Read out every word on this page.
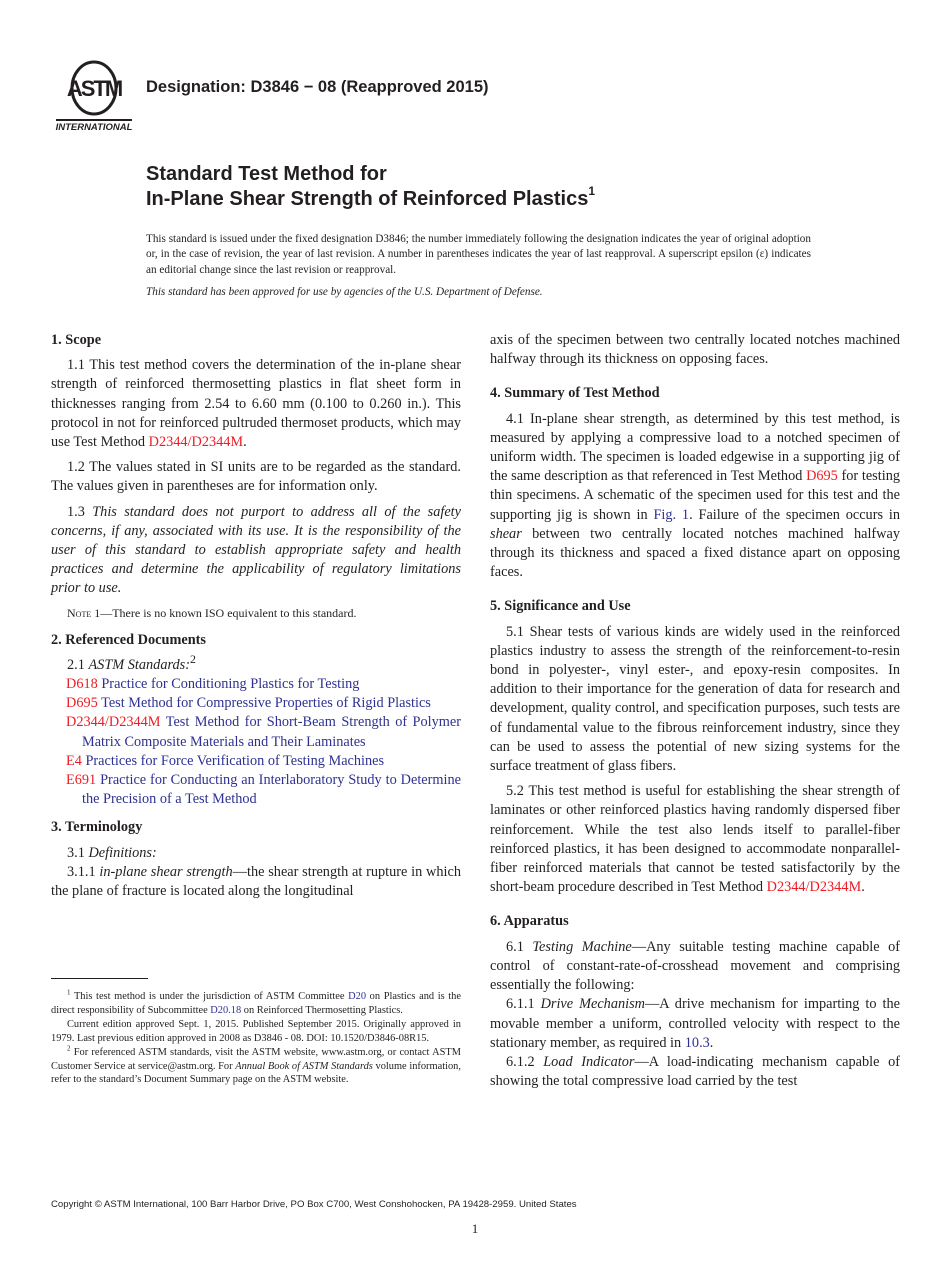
ASTM
INTERNATIONAL
Designation: D3846 − 08 (Reapproved 2015)
Standard Test Method for
In-Plane Shear Strength of Reinforced Plastics$^1$
This standard is issued under the fixed designation D3846; the number immediately following the designation indicates the year of original adoption or, in the case of revision, the year of last revision. A number in parentheses indicates the year of last reapproval. A superscript epsilon (ε) indicates an editorial change since the last revision or reapproval.
This standard has been approved for use by agencies of the U.S. Department of Defense.

1. Scope

1.1 This test method covers the determination of the in-plane shear strength of reinforced thermosetting plastics in flat sheet form in thicknesses ranging from 2.54 to 6.60 mm (0.100 to 0.260 in.). This protocol in not for reinforced pultruded thermoset products, which may use Test Method D2344/D2344M.

1.2 The values stated in SI units are to be regarded as the standard. The values given in parentheses are for information only.

1.3 This standard does not purport to address all of the safety concerns, if any, associated with its use. It is the responsibility of the user of this standard to establish appropriate safety and health practices and determine the applicability of regulatory limitations prior to use.

Note 1—There is no known ISO equivalent to this standard.

2. Referenced Documents

2.1 ASTM Standards:$^2$

D618 Practice for Conditioning Plastics for Testing

D695 Test Method for Compressive Properties of Rigid Plastics

D2344/D2344M Test Method for Short-Beam Strength of Polymer Matrix Composite Materials and Their Laminates

E4 Practices for Force Verification of Testing Machines

E691 Practice for Conducting an Interlaboratory Study to Determine the Precision of a Test Method

3. Terminology

3.1 Definitions:

3.1.1 in-plane shear strength—the shear strength at rupture in which the plane of fracture is located along the longitudinal

$^1$ This test method is under the jurisdiction of ASTM Committee D20 on Plastics and is the direct responsibility of Subcommittee D20.18 on Reinforced Thermosetting Plastics.

Current edition approved Sept. 1, 2015. Published September 2015. Originally approved in 1979. Last previous edition approved in 2008 as D3846 - 08. DOI: 10.1520/D3846-08R15.

$^2$ For referenced ASTM standards, visit the ASTM website, www.astm.org, or contact ASTM Customer Service at service@astm.org. For Annual Book of ASTM Standards volume information, refer to the standard’s Document Summary page on the ASTM website.

axis of the specimen between two centrally located notches machined halfway through its thickness on opposing faces.

4. Summary of Test Method

4.1 In-plane shear strength, as determined by this test method, is measured by applying a compressive load to a notched specimen of uniform width. The specimen is loaded edgewise in a supporting jig of the same description as that referenced in Test Method D695 for testing thin specimens. A schematic of the specimen used for this test and the supporting jig is shown in Fig. 1. Failure of the specimen occurs in shear between two centrally located notches machined halfway through its thickness and spaced a fixed distance apart on opposing faces.

5. Significance and Use

5.1 Shear tests of various kinds are widely used in the reinforced plastics industry to assess the strength of the reinforcement-to-resin bond in polyester-, vinyl ester-, and epoxy-resin composites. In addition to their importance for the generation of data for research and development, quality control, and specification purposes, such tests are of fundamental value to the fibrous reinforcement industry, since they can be used to assess the potential of new sizing systems for the surface treatment of glass fibers.

5.2 This test method is useful for establishing the shear strength of laminates or other reinforced plastics having randomly dispersed fiber reinforcement. While the test also lends itself to parallel-fiber reinforced plastics, it has been designed to accommodate nonparallel-fiber reinforced materials that cannot be tested satisfactorily by the short-beam procedure described in Test Method D2344/D2344M.

6. Apparatus

6.1 Testing Machine—Any suitable testing machine capable of control of constant-rate-of-crosshead movement and comprising essentially the following:

6.1.1 Drive Mechanism—A drive mechanism for imparting to the movable member a uniform, controlled velocity with respect to the stationary member, as required in 10.3.

6.1.2 Load Indicator—A load-indicating mechanism capable of showing the total compressive load carried by the test

Copyright © ASTM International, 100 Barr Harbor Drive, PO Box C700, West Conshohocken, PA 19428-2959. United States
1
